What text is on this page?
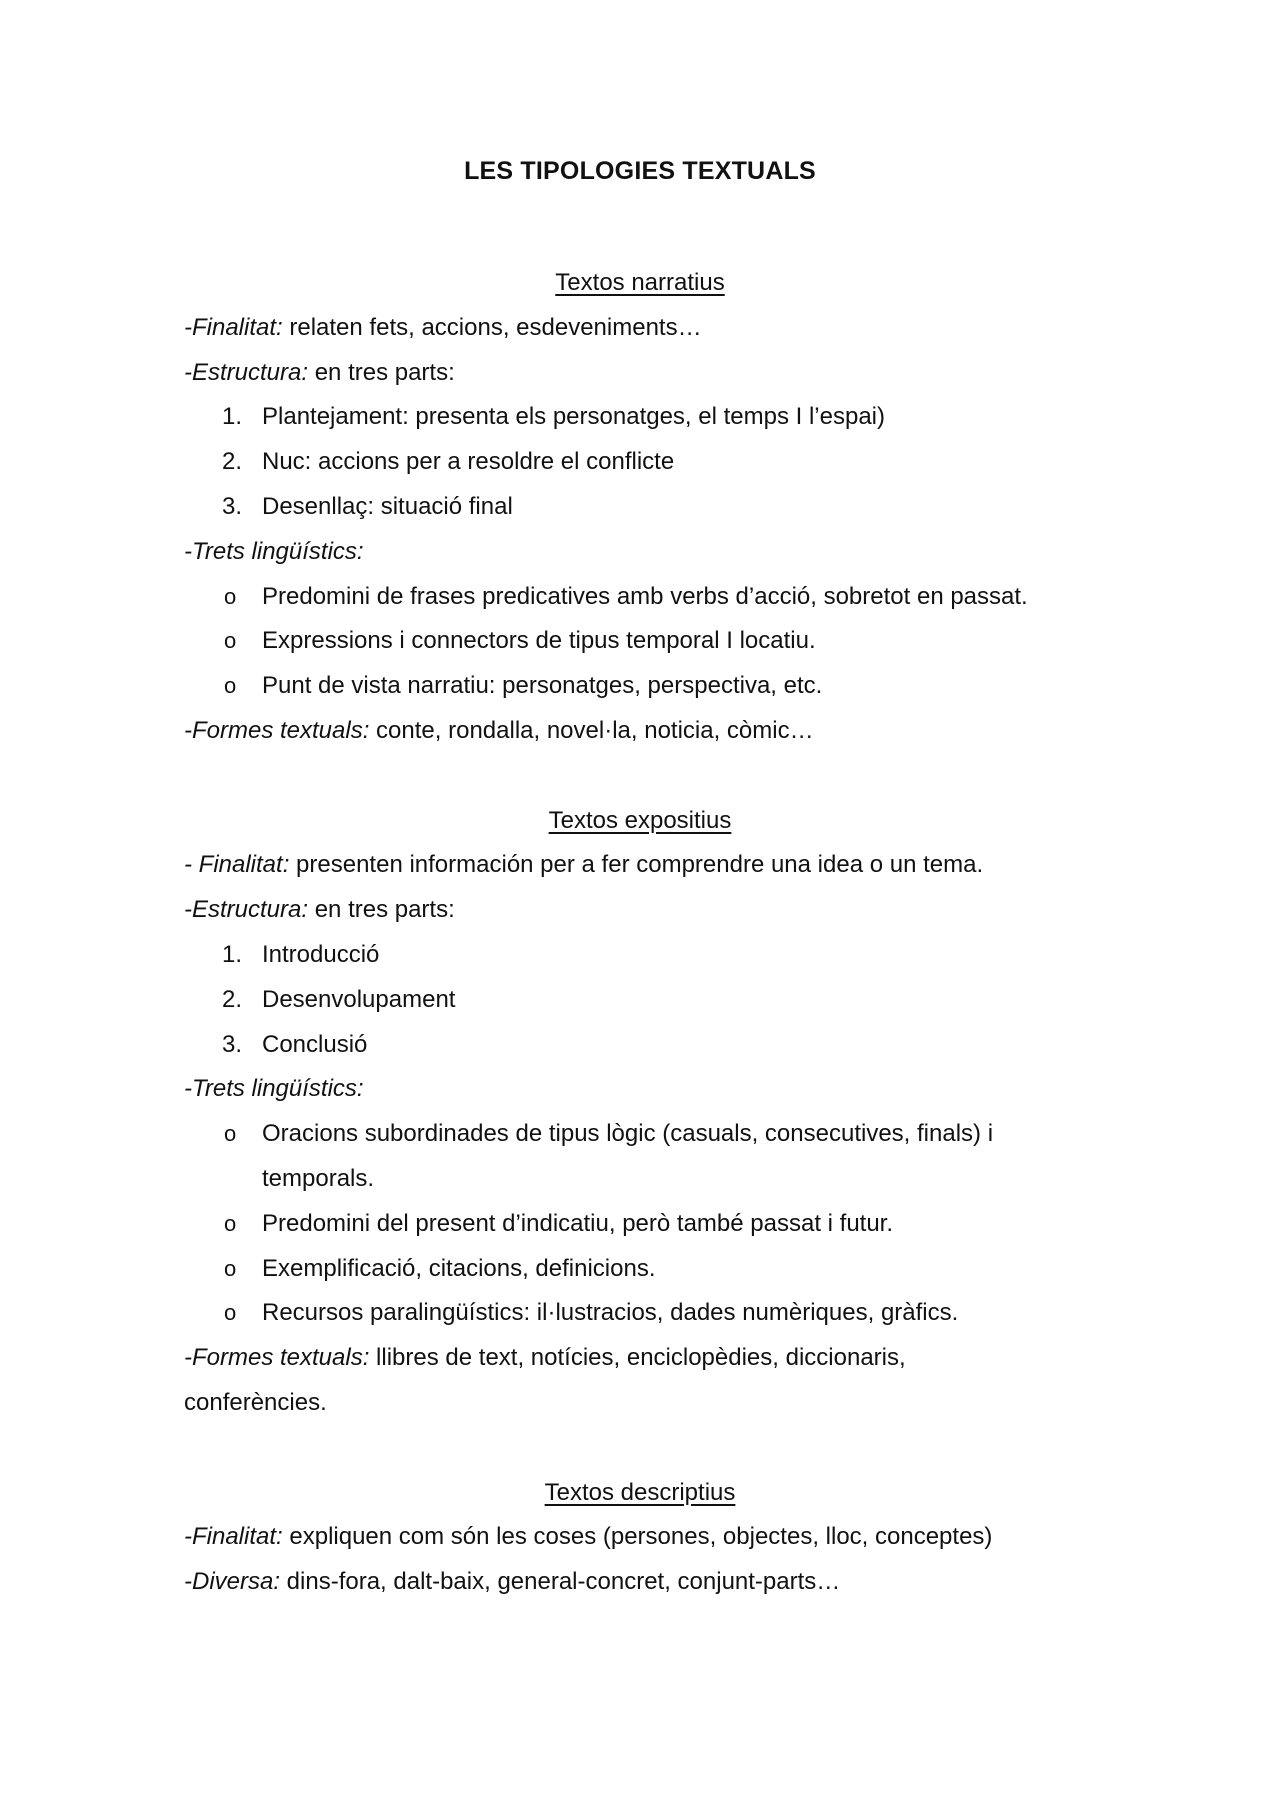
LES TIPOLOGIES TEXTUALS
Textos narratius
-Finalitat: relaten fets, accions, esdeveniments…
-Estructura: en tres parts:
1. Plantejament: presenta els personatges, el temps I l’espai)
2. Nuc: accions per a resoldre el conflicte
3. Desenllaç: situació final
-Trets lingüístics:
o Predomini de frases predicatives amb verbs d’acció, sobretot en passat.
o Expressions i connectors de tipus temporal I locatiu.
o Punt de vista narratiu: personatges, perspectiva, etc.
-Formes textuals: conte, rondalla, novel·la, noticia, còmic…
Textos expositius
- Finalitat: presenten información per a fer comprendre una idea o un tema.
-Estructura: en tres parts:
1. Introducció
2. Desenvolupament
3. Conclusió
-Trets lingüístics:
o Oracions subordinades de tipus lògic (casuals, consecutives, finals) i
temporals.
o Predomini del present d’indicatiu, però també passat i futur.
o Exemplificació, citacions, definicions.
o Recursos paralingüístics: il·lustracios, dades numèriques, gràfics.
-Formes textuals: llibres de text, notícies, enciclopèdies, diccionaris,
conferències.
Textos descriptius
-Finalitat: expliquen com són les coses (persones, objectes, lloc, conceptes)
-Diversa: dins-fora, dalt-baix, general-concret, conjunt-parts…
